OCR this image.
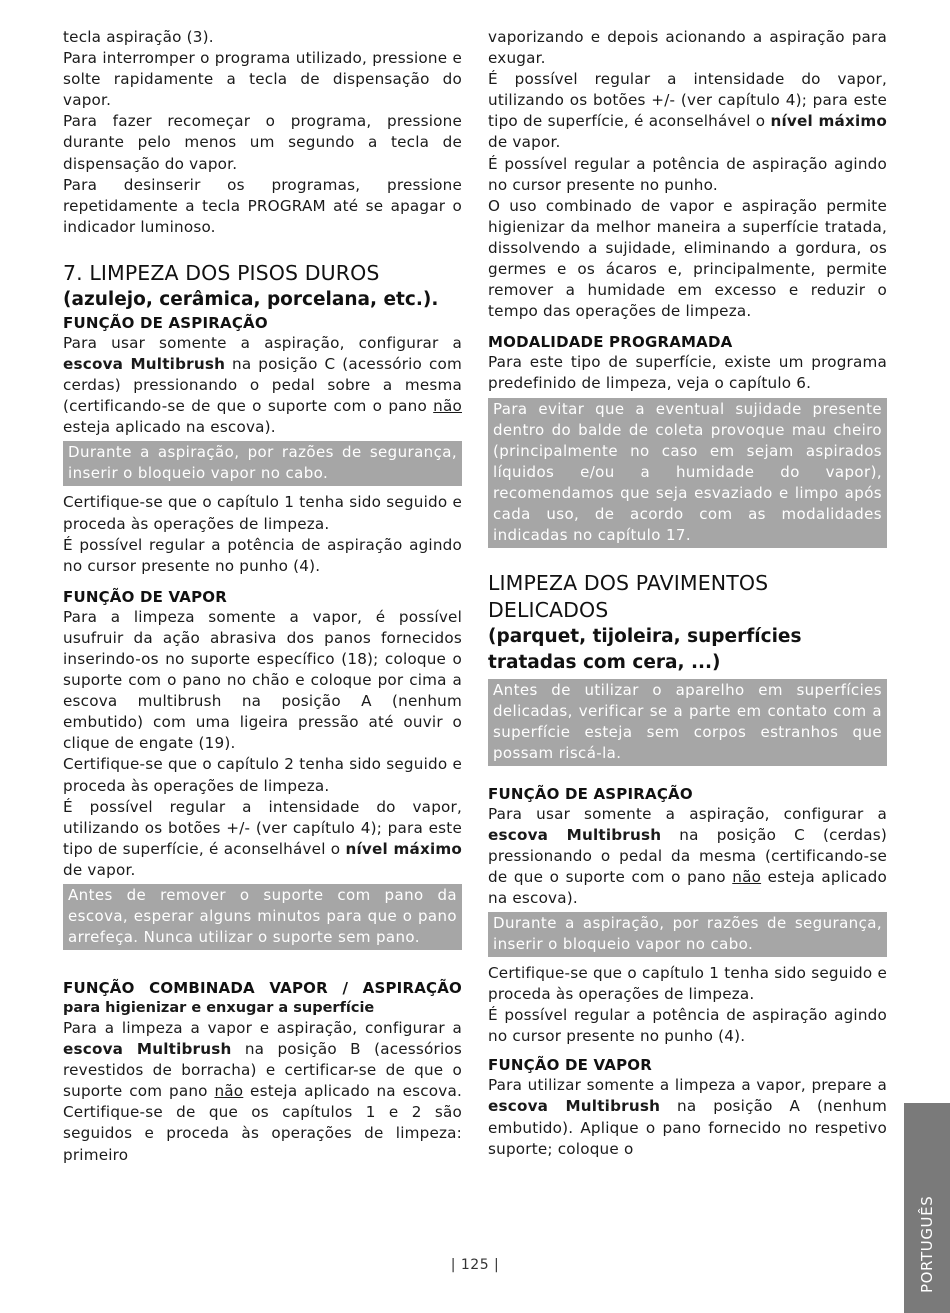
tecla aspiração (3).

Para interromper o programa utilizado, pressione e solte rapidamente a tecla de dispensação do vapor.

Para fazer recomeçar o programa, pressione durante pelo menos um segundo a tecla de dispensação do vapor.

Para desinserir os programas, pressione repetidamente a tecla PROGRAM até se apagar o indicador luminoso.

7. LIMPEZA DOS PISOS DUROS
(azulejo, cerâmica, porcelana, etc.).
FUNÇÃO DE ASPIRAÇÃO

Para usar somente a aspiração, configurar a escova Multibrush na posição C (acessório com cerdas) pressionando o pedal sobre a mesma (certificando-se de que o suporte com o pano não esteja aplicado na escova).

Durante a aspiração, por razões de segurança, inserir o bloqueio vapor no cabo.

Certifique-se que o capítulo 1 tenha sido seguido e proceda às operações de limpeza.

É possível regular a potência de aspiração agindo no cursor presente no punho (4).

FUNÇÃO DE VAPOR

Para a limpeza somente a vapor, é possível usufruir da ação abrasiva dos panos fornecidos inserindo-os no suporte específico (18); coloque o suporte com o pano no chão e coloque por cima a escova multibrush na posição A (nenhum embutido) com uma ligeira pressão até ouvir o clique de engate (19).

Certifique-se que o capítulo 2 tenha sido seguido e proceda às operações de limpeza.

É possível regular a intensidade do vapor, utilizando os botões +/- (ver capítulo 4); para este tipo de superfície, é aconselhável o nível máximo de vapor.

Antes de remover o suporte com pano da escova, esperar alguns minutos para que o pano arrefeça. Nunca utilizar o suporte sem pano.
FUNÇÃO COMBINADA VAPOR / ASPIRAÇÃO
para higienizar e enxugar a superfície

Para a limpeza a vapor e aspiração, configurar a escova Multibrush na posição B (acessórios revestidos de borracha) e certificar-se de que o suporte com pano não esteja aplicado na escova. Certifique-se de que os capítulos 1 e 2 são seguidos e proceda às operações de limpeza: primeiro

vaporizando e depois acionando a aspiração para exugar.

É possível regular a intensidade do vapor, utilizando os botões +/- (ver capítulo 4); para este tipo de superfície, é aconselhável o nível máximo de vapor.

É possível regular a potência de aspiração agindo no cursor presente no punho.

O uso combinado de vapor e aspiração permite higienizar da melhor maneira a superfície tratada, dissolvendo a sujidade, eliminando a gordura, os germes e os ácaros e, principalmente, permite remover a humidade em excesso e reduzir o tempo das operações de limpeza.

MODALIDADE PROGRAMADA

Para este tipo de superfície, existe um programa predefinido de limpeza, veja o capítulo 6.

Para evitar que a eventual sujidade presente dentro do balde de coleta provoque mau cheiro (principalmente no caso em sejam aspirados líquidos e/ou a humidade do vapor), recomendamos que seja esvaziado e limpo após cada uso, de acordo com as modalidades indicadas no capítulo 17.
LIMPEZA DOS PAVIMENTOS DELICADOS
(parquet, tijoleira, superfícies tratadas com cera, ...)
Antes de utilizar o aparelho em superfícies delicadas, verificar se a parte em contato com a superfície esteja sem corpos estranhos que possam riscá-la.
FUNÇÃO DE ASPIRAÇÃO

Para usar somente a aspiração, configurar a escova Multibrush na posição C (cerdas) pressionando o pedal da mesma (certificando-se de que o suporte com o pano não esteja aplicado na escova).

Durante a aspiração, por razões de segurança, inserir o bloqueio vapor no cabo.

Certifique-se que o capítulo 1 tenha sido seguido e proceda às operações de limpeza.

É possível regular a potência de aspiração agindo no cursor presente no punho (4).

FUNÇÃO DE VAPOR

Para utilizar somente a limpeza a vapor, prepare a escova Multibrush na posição A (nenhum embutido). Aplique o pano fornecido no respetivo suporte; coloque o

| 125 |	PORTUGUÊS
